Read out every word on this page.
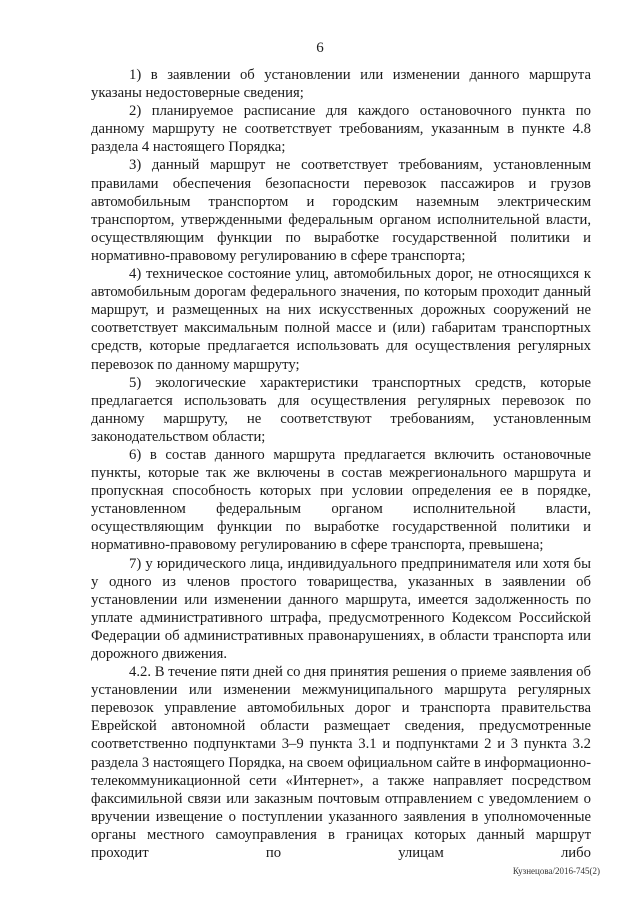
6

1) в заявлении об установлении или изменении данного маршрута указаны недостоверные сведения;

2) планируемое расписание для каждого остановочного пункта по данному маршруту не соответствует требованиям, указанным в пункте 4.8 раздела 4 настоящего Порядка;

3) данный маршрут не соответствует требованиям, установленным правилами обеспечения безопасности перевозок пассажиров и грузов автомобильным транспортом и городским наземным электрическим транспортом, утвержденными федеральным органом исполнительной власти, осуществляющим функции по выработке государственной политики и нормативно-правовому регулированию в сфере транспорта;

4) техническое состояние улиц, автомобильных дорог, не относящихся к автомобильным дорогам федерального значения, по которым проходит данный маршрут, и размещенных на них искусственных дорожных сооружений не соответствует максимальным полной массе и (или) габаритам транспортных средств, которые предлагается использовать для осуществления регулярных перевозок по данному маршруту;

5) экологические характеристики транспортных средств, которые предлагается использовать для осуществления регулярных перевозок по данному маршруту, не соответствуют требованиям, установленным законодательством области;

6) в состав данного маршрута предлагается включить остановочные пункты, которые так же включены в состав межрегионального маршрута и пропускная способность которых при условии определения ее в порядке, установленном федеральным органом исполнительной власти, осуществляющим функции по выработке государственной политики и нормативно-правовому регулированию в сфере транспорта, превышена;

7) у юридического лица, индивидуального предпринимателя или хотя бы у одного из членов простого товарищества, указанных в заявлении об установлении или изменении данного маршрута, имеется задолженность по уплате административного штрафа, предусмотренного Кодексом Российской Федерации об административных правонарушениях, в области транспорта или дорожного движения.

4.2. В течение пяти дней со дня принятия решения о приеме заявления об установлении или изменении межмуниципального маршрута регулярных перевозок управление автомобильных дорог и транспорта правительства Еврейской автономной области размещает сведения, предусмотренные соответственно подпунктами 3–9 пункта 3.1 и подпунктами 2 и 3 пункта 3.2 раздела 3 настоящего Порядка, на своем официальном сайте в информационно-телекоммуникационной сети «Интернет», а также направляет посредством факсимильной связи или заказным почтовым отправлением с уведомлением о вручении извещение о поступлении указанного заявления в уполномоченные органы местного самоуправления в границах которых данный маршрут проходит по улицам либо

Кузнецова/2016-745(2)
